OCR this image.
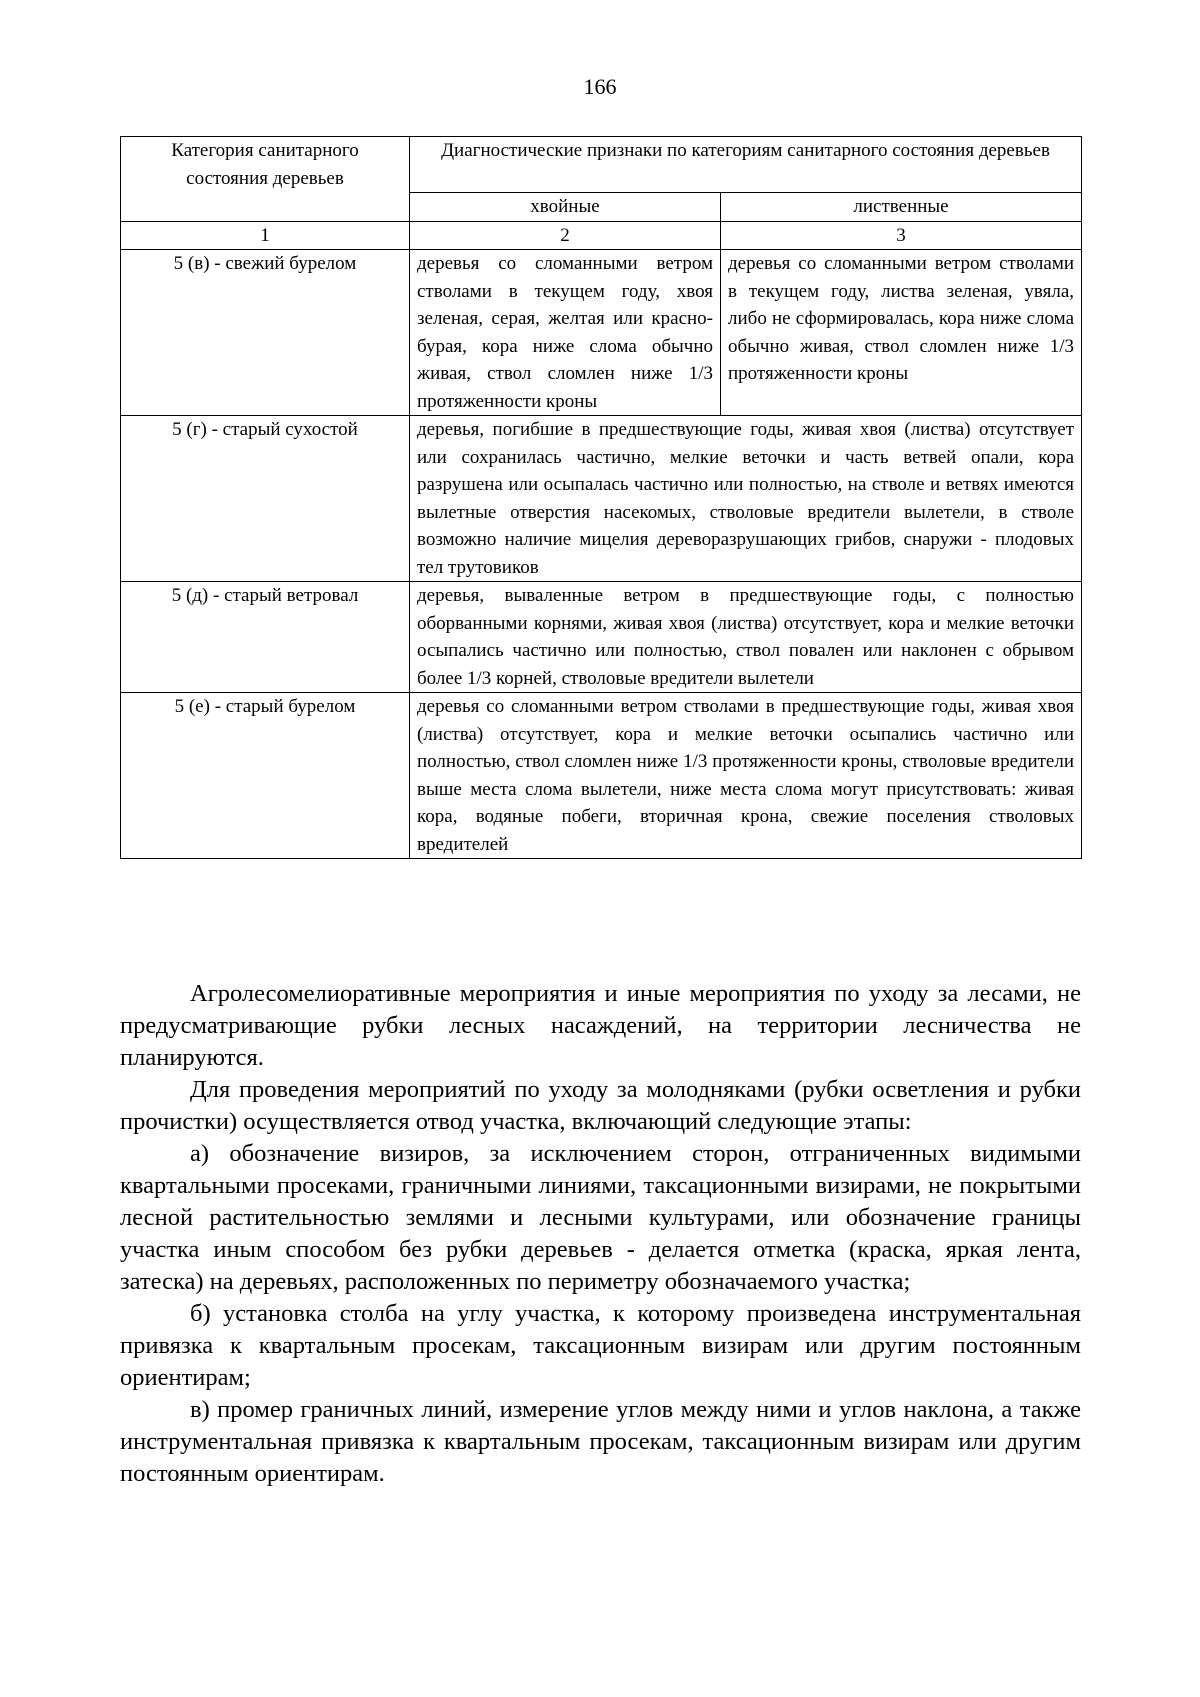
166
Категория санитарного состояния деревьев	Диагностические признаки по категориям санитарного состояния деревьев	
	хвойные	лиственные
1	2	3
5 (в) - свежий бурелом	деревья со сломанными ветром стволами в текущем году, хвоя зеленая, серая, желтая или красно-бурая, кора ниже слома обычно живая, ствол сломлен ниже 1/3 протяженности кроны	деревья со сломанными ветром стволами в текущем году, листва зеленая, увяла, либо не сформировалась, кора ниже слома обычно живая, ствол сломлен ниже 1/3 протяженности кроны
5 (г) - старый сухостой	деревья, погибшие в предшествующие годы, живая хвоя (листва) отсутствует или сохранилась частично, мелкие веточки и часть ветвей опали, кора разрушена или осыпалась частично или полностью, на стволе и ветвях имеются вылетные отверстия насекомых, стволовые вредители вылетели, в стволе возможно наличие мицелия дереворазрушающих грибов, снаружи - плодовых тел трутовиков	
5 (д) - старый ветровал	деревья, вываленные ветром в предшествующие годы, с полностью оборванными корнями, живая хвоя (листва) отсутствует, кора и мелкие веточки осыпались частично или полностью, ствол повален или наклонен с обрывом более 1/3 корней, стволовые вредители вылетели	
5 (е) - старый бурелом	деревья со сломанными ветром стволами в предшествующие годы, живая хвоя (листва) отсутствует, кора и мелкие веточки осыпались частично или полностью, ствол сломлен ниже 1/3 протяженности кроны, стволовые вредители выше места слома вылетели, ниже места слома могут присутствовать: живая кора, водяные побеги, вторичная крона, свежие поселения стволовых вредителей	

Агролесомелиоративные мероприятия и иные мероприятия по уходу за лесами, не предусматривающие рубки лесных насаждений, на территории лесничества не планируются.

Для проведения мероприятий по уходу за молодняками (рубки осветления и рубки прочистки) осуществляется отвод участка, включающий следующие этапы:

а) обозначение визиров, за исключением сторон, отграниченных видимыми квартальными просеками, граничными линиями, таксационными визирами, не покрытыми лесной растительностью землями и лесными культурами, или обозначение границы участка иным способом без рубки деревьев - делается отметка (краска, яркая лента, затеска) на деревьях, расположенных по периметру обозначаемого участка;

б) установка столба на углу участка, к которому произведена инструментальная привязка к квартальным просекам, таксационным визирам или другим постоянным ориентирам;

в) промер граничных линий, измерение углов между ними и углов наклона, а также инструментальная привязка к квартальным просекам, таксационным визирам или другим постоянным ориентирам.
